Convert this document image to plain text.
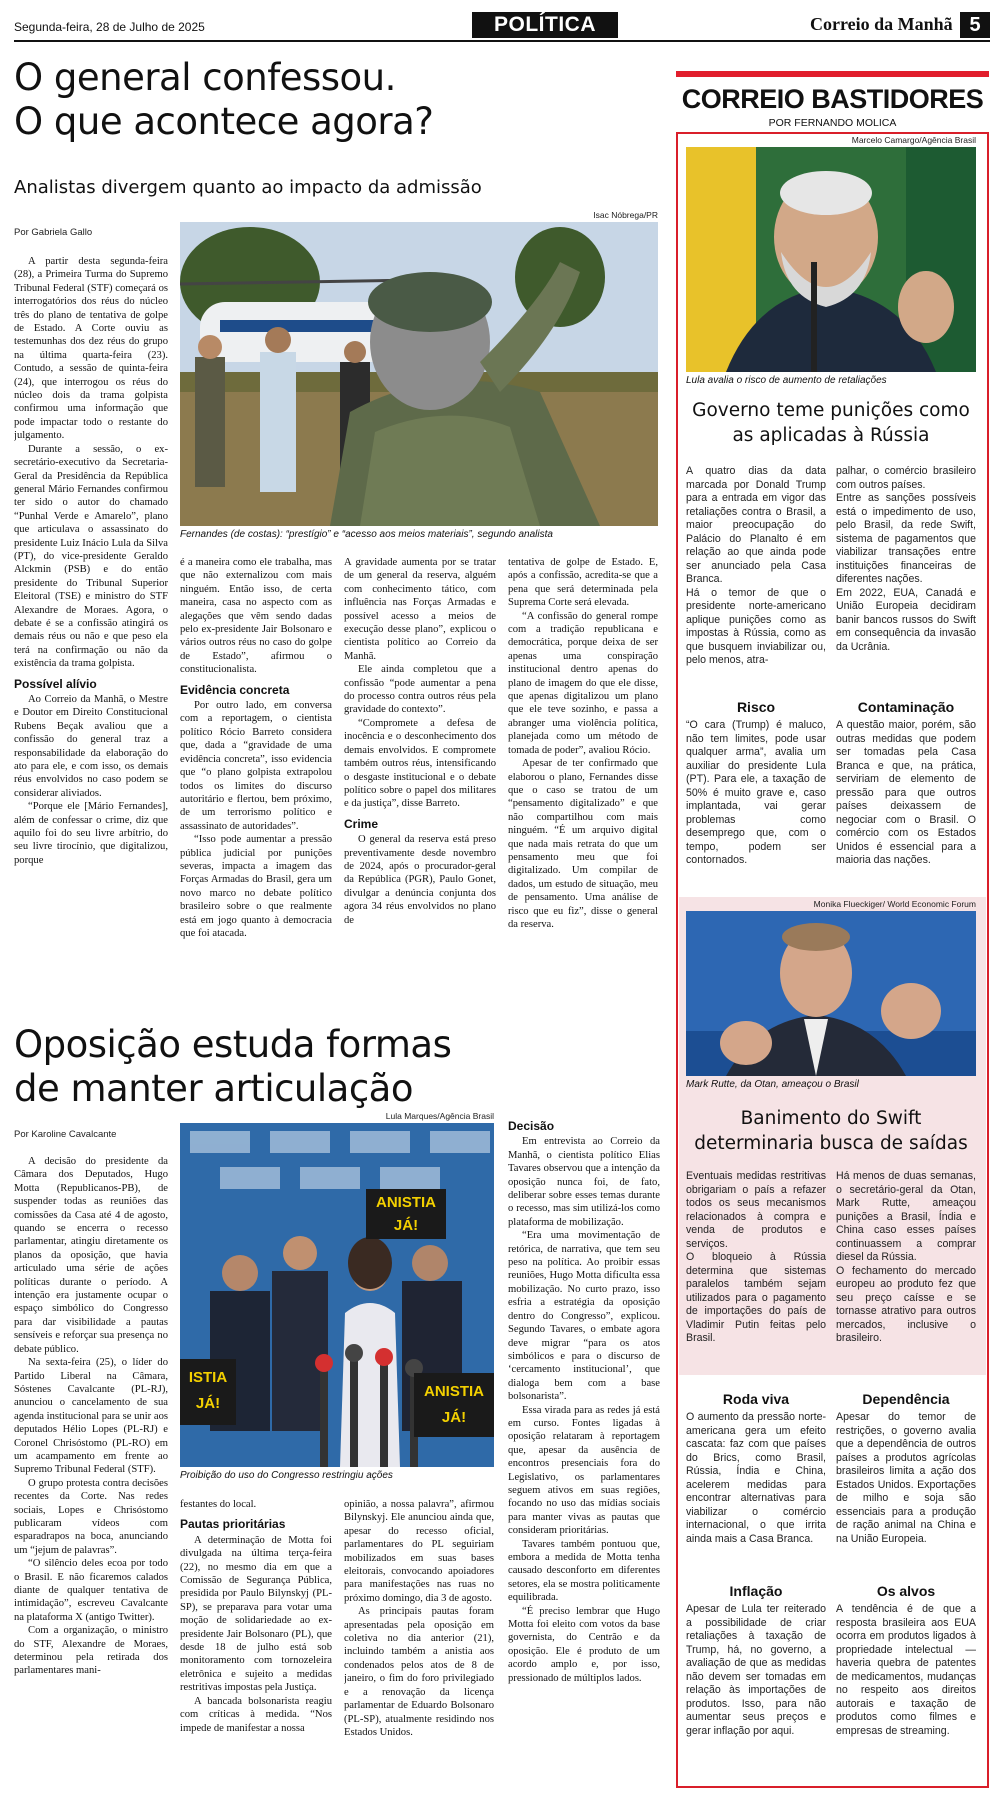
Segunda-feira, 28 de Julho de 2025	POLÍTICA	Correio da Manhã 5
O general confessou.
O que acontece agora?
Analistas divergem quanto ao impacto da admissão
Por Gabriela Gallo
Isac Nóbrega/PR
Fernandes (de costas): “prestígio” e “acesso aos meios materiais”, segundo analista

A partir desta segunda-feira (28), a Primeira Turma do Supremo Tribunal Federal (STF) começará os interrogatórios dos réus do núcleo três do plano de tentativa de golpe de Estado. A Corte ouviu as testemunhas dos dez réus do grupo na última quarta-feira (23). Contudo, a sessão de quinta-feira (24), que interrogou os réus do núcleo dois da trama golpista confirmou uma informação que pode impactar todo o restante do julgamento.

Durante a sessão, o ex-secretário-executivo da Secretaria-Geral da Presidência da República general Mário Fernandes confirmou ter sido o autor do chamado “Punhal Verde e Amarelo”, plano que articulava o assassinato do presidente Luiz Inácio Lula da Silva (PT), do vice-presidente Geraldo Alckmin (PSB) e do então presidente do Tribunal Superior Eleitoral (TSE) e ministro do STF Alexandre de Moraes. Agora, o debate é se a confissão atingirá os demais réus ou não e que peso ela terá na confirmação ou não da existência da trama golpista.

Possível alívio

Ao Correio da Manhã, o Mestre e Doutor em Direito Constitucional Rubens Beçak avaliou que a confissão do general traz a responsabilidade da elaboração do ato para ele, e com isso, os demais réus envolvidos no caso podem se considerar aliviados.

“Porque ele [Mário Fernandes], além de confessar o crime, diz que aquilo foi do seu livre arbítrio, do seu livre tirocínio, que digitalizou, porque

é a maneira como ele trabalha, mas que não externalizou com mais ninguém. Então isso, de certa maneira, casa no aspecto com as alegações que vêm sendo dadas pelo ex-presidente Jair Bolsonaro e vários outros réus no caso do golpe de Estado”, afirmou o constitucionalista.

Evidência concreta

Por outro lado, em conversa com a reportagem, o cientista político Rócio Barreto considera que, dada a “gravidade de uma evidência concreta”, isso evidencia que “o plano golpista extrapolou todos os limites do discurso autoritário e flertou, bem próximo, de um terrorismo político e assassinato de autoridades”.

“Isso pode aumentar a pressão pública judicial por punições severas, impacta a imagem das Forças Armadas do Brasil, gera um novo marco no debate político brasileiro sobre o que realmente está em jogo quanto à democracia que foi atacada.

A gravidade aumenta por se tratar de um general da reserva, alguém com conhecimento tático, com influência nas Forças Armadas e possível acesso a meios de execução desse plano”, explicou o cientista político ao Correio da Manhã.

Ele ainda completou que a confissão “pode aumentar a pena do processo contra outros réus pela gravidade do contexto”.

“Compromete a defesa de inocência e o desconhecimento dos demais envolvidos. E compromete também outros réus, intensificando o desgaste institucional e o debate político sobre o papel dos militares e da justiça”, disse Barreto.

Crime

O general da reserva está preso preventivamente desde novembro de 2024, após o procurador-geral da República (PGR), Paulo Gonet, divulgar a denúncia conjunta dos agora 34 réus envolvidos no plano de

tentativa de golpe de Estado. E, após a confissão, acredita-se que a pena que será determinada pela Suprema Corte será elevada.

“A confissão do general rompe com a tradição republicana e democrática, porque deixa de ser apenas uma conspiração institucional dentro apenas do plano de imagem do que ele disse, que apenas digitalizou um plano que ele teve sozinho, e passa a abranger uma violência política, planejada como um método de tomada de poder”, avaliou Rócio.

Apesar de ter confirmado que elaborou o plano, Fernandes disse que o caso se tratou de um “pensamento digitalizado” e que não compartilhou com mais ninguém. “É um arquivo digital que nada mais retrata do que um pensamento meu que foi digitalizado. Um compilar de dados, um estudo de situação, meu de pensamento. Uma análise de risco que eu fiz”, disse o general da reserva.

Oposição estuda formas
de manter articulação
Por Karoline Cavalcante
Lula Marques/Agência Brasil
ANISTIA JÁ!
ISTIA JÁ!
ANISTIA JÁ!
Proibição do uso do Congresso restringiu ações

A decisão do presidente da Câmara dos Deputados, Hugo Motta (Republicanos-PB), de suspender todas as reuniões das comissões da Casa até 4 de agosto, quando se encerra o recesso parlamentar, atingiu diretamente os planos da oposição, que havia articulado uma série de ações políticas durante o período. A intenção era justamente ocupar o espaço simbólico do Congresso para dar visibilidade a pautas sensíveis e reforçar sua presença no debate público.

Na sexta-feira (25), o líder do Partido Liberal na Câmara, Sóstenes Cavalcante (PL-RJ), anunciou o cancelamento de sua agenda institucional para se unir aos deputados Hélio Lopes (PL-RJ) e Coronel Chrisóstomo (PL-RO) em um acampamento em frente ao Supremo Tribunal Federal (STF).

O grupo protesta contra decisões recentes da Corte. Nas redes sociais, Lopes e Chrisóstomo publicaram vídeos com esparadrapos na boca, anunciando um “jejum de palavras”.

“O silêncio deles ecoa por todo o Brasil. E não ficaremos calados diante de qualquer tentativa de intimidação”, escreveu Cavalcante na plataforma X (antigo Twitter).

Com a organização, o ministro do STF, Alexandre de Moraes, determinou pela retirada dos parlamentares mani-

festantes do local.

Pautas prioritárias

A determinação de Motta foi divulgada na última terça-feira (22), no mesmo dia em que a Comissão de Segurança Pública, presidida por Paulo Bilynskyj (PL-SP), se preparava para votar uma moção de solidariedade ao ex-presidente Jair Bolsonaro (PL), que desde 18 de julho está sob monitoramento com tornozeleira eletrônica e sujeito a medidas restritivas impostas pela Justiça.

A bancada bolsonarista reagiu com críticas à medida. “Nos impede de manifestar a nossa

opinião, a nossa palavra”, afirmou Bilynskyj. Ele anunciou ainda que, apesar do recesso oficial, parlamentares do PL seguiriam mobilizados em suas bases eleitorais, convocando apoiadores para manifestações nas ruas no próximo domingo, dia 3 de agosto.

As principais pautas foram apresentadas pela oposição em coletiva no dia anterior (21), incluindo também a anistia aos condenados pelos atos de 8 de janeiro, o fim do foro privilegiado e a renovação da licença parlamentar de Eduardo Bolsonaro (PL-SP), atualmente residindo nos Estados Unidos.

Decisão

Em entrevista ao Correio da Manhã, o cientista político Elias Tavares observou que a intenção da oposição nunca foi, de fato, deliberar sobre esses temas durante o recesso, mas sim utilizá-los como plataforma de mobilização.

“Era uma movimentação de retórica, de narrativa, que tem seu peso na política. Ao proibir essas reuniões, Hugo Motta dificulta essa mobilização. No curto prazo, isso esfria a estratégia da oposição dentro do Congresso”, explicou. Segundo Tavares, o embate agora deve migrar “para os atos simbólicos e para o discurso de ‘cercamento institucional’, que dialoga bem com a base bolsonarista”.

Essa virada para as redes já está em curso. Fontes ligadas à oposição relataram à reportagem que, apesar da ausência de encontros presenciais fora do Legislativo, os parlamentares seguem ativos em suas regiões, focando no uso das mídias sociais para manter vivas as pautas que consideram prioritárias.

Tavares também pontuou que, embora a medida de Motta tenha causado desconforto em diferentes setores, ela se mostra politicamente equilibrada.

“É preciso lembrar que Hugo Motta foi eleito com votos da base governista, do Centrão e da oposição. Ele é produto de um acordo amplo e, por isso, pressionado de múltiplos lados.

CORREIO BASTIDORES
POR FERNANDO MOLICA
Marcelo Camargo/Agência Brasil
Lula avalia o risco de aumento de retaliações
Governo teme punições como as aplicadas à Rússia

A quatro dias da data marcada por Donald Trump para a entrada em vigor das retaliações contra o Brasil, a maior preocupação do Palácio do Planalto é em relação ao que ainda pode ser anunciado pela Casa Branca.

Há o temor de que o presidente norte-americano aplique punições como as impostas à Rússia, como as que busquem inviabilizar ou, pelo menos, atra-

palhar, o comércio brasileiro com outros países.

Entre as sanções possíveis está o impedimento de uso, pelo Brasil, da rede Swift, sistema de pagamentos que viabilizar transações entre instituições financeiras de diferentes nações.

Em 2022, EUA, Canadá e União Europeia decidiram banir bancos russos do Swift em consequência da invasão da Ucrânia.

Risco	Contaminação

“O cara (Trump) é maluco, não tem limites, pode usar qualquer arma”, avalia um auxiliar do presidente Lula (PT). Para ele, a taxação de 50% é muito grave e, caso implantada, vai gerar problemas como desemprego que, com o tempo, podem ser contornados.

A questão maior, porém, são outras medidas que podem ser tomadas pela Casa Branca e que, na prática, serviriam de elemento de pressão para que outros países deixassem de negociar com o Brasil. O comércio com os Estados Unidos é essencial para a maioria das nações.

Monika Flueckiger/ World Economic Forum
Mark Rutte, da Otan, ameaçou o Brasil
Banimento do Swift determinaria busca de saídas

Eventuais medidas restritivas obrigariam o país a refazer todos os seus mecanismos relacionados à compra e venda de produtos e serviços.

O bloqueio à Rússia determina que sistemas paralelos também sejam utilizados para o pagamento de importações do país de Vladimir Putin feitas pelo Brasil.

Há menos de duas semanas, o secretário-geral da Otan, Mark Rutte, ameaçou punições a Brasil, Índia e China caso esses países continuassem a comprar diesel da Rússia.

O fechamento do mercado europeu ao produto fez que seu preço caísse e se tornasse atrativo para outros mercados, inclusive o brasileiro.

Roda viva	Dependência

O aumento da pressão norte-americana gera um efeito cascata: faz com que países do Brics, como Brasil, Rússia, Índia e China, acelerem medidas para encontrar alternativas para viabilizar o comércio internacional, o que irrita ainda mais a Casa Branca.

Apesar do temor de restrições, o governo avalia que a dependência de outros países a produtos agrícolas brasileiros limita a ação dos Estados Unidos. Exportações de milho e soja são essenciais para a produção de ração animal na China e na União Europeia.

Inflação	Os alvos

Apesar de Lula ter reiterado a possibilidade de criar retaliações à taxação de Trump, há, no governo, a avaliação de que as medidas não devem ser tomadas em relação às importações de produtos. Isso, para não aumentar seus preços e gerar inflação por aqui.

A tendência é de que a resposta brasileira aos EUA ocorra em produtos ligados à propriedade intelectual — haveria quebra de patentes de medicamentos, mudanças no respeito aos direitos autorais e taxação de produtos como filmes e empresas de streaming.
